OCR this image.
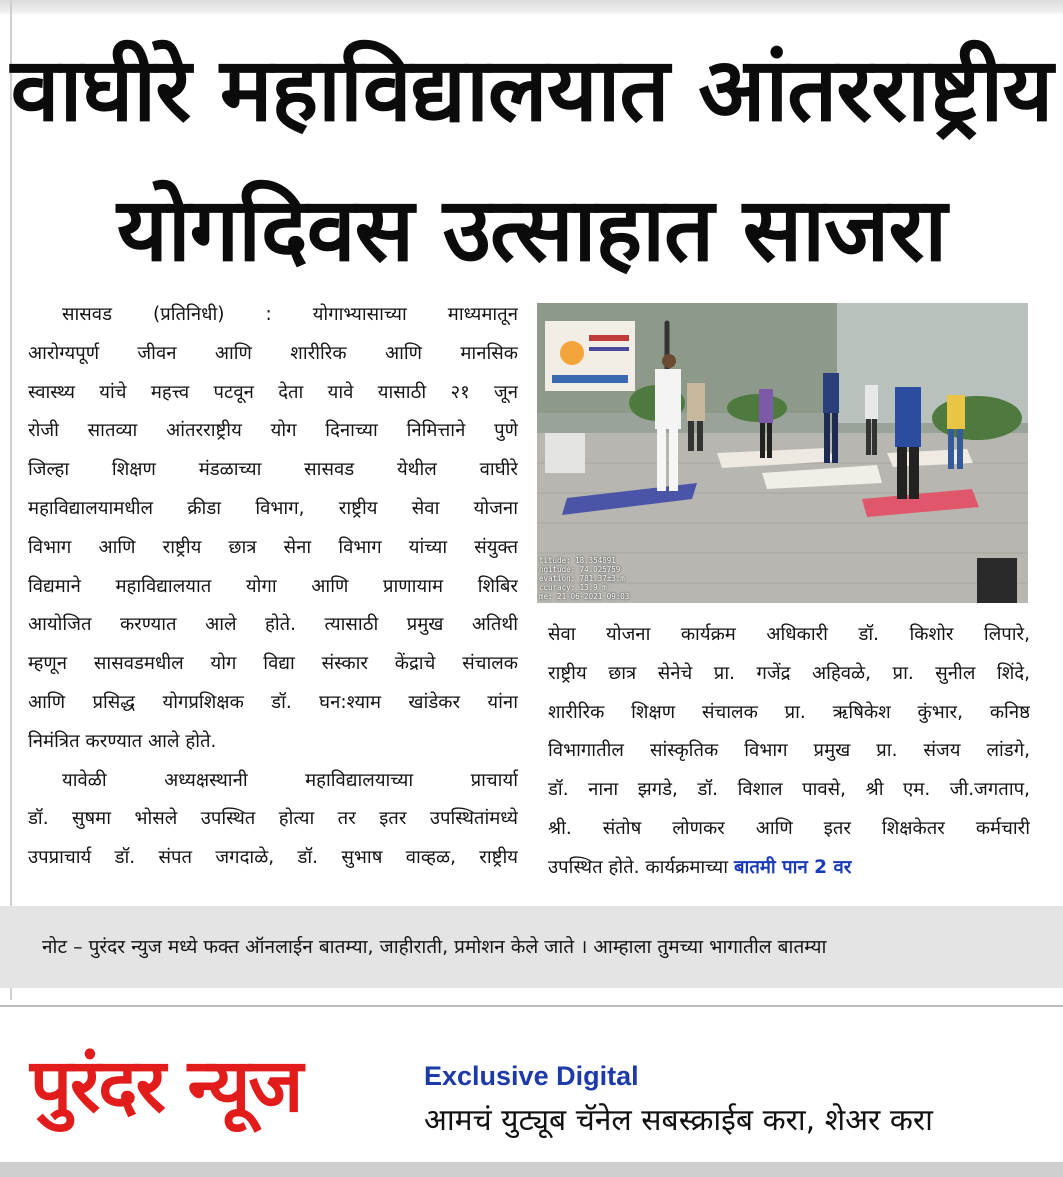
वाघीरे महाविद्यालयात आंतरराष्ट्रीय
योगदिवस उत्साहात साजरा
सासवड (प्रतिनिधी) : योगाभ्यासाच्या माध्यमातून
आरोग्यपूर्ण जीवन आणि शारीरिक आणि मानसिक
स्वास्थ्य यांचे महत्त्व पटवून देता यावे यासाठी २१ जून
रोजी सातव्या आंतरराष्ट्रीय योग दिनाच्या निमित्ताने पुणे
जिल्हा शिक्षण मंडळाच्या सासवड येथील वाघीरे
महाविद्यालयामधील क्रीडा विभाग, राष्ट्रीय सेवा योजना
विभाग आणि राष्ट्रीय छात्र सेना विभाग यांच्या संयुक्त
विद्यमाने महाविद्यालयात योगा आणि प्राणायाम शिबिर
आयोजित करण्यात आले होते. त्यासाठी प्रमुख अतिथी
म्हणून सासवडमधील योग विद्या संस्कार केंद्राचे संचालक
आणि प्रसिद्ध योगप्रशिक्षक डॉ. घन:श्याम खांडेकर यांना
निमंत्रित करण्यात आले होते.
यावेळी अध्यक्षस्थानी महाविद्यालयाच्या प्राचार्या
डॉ. सुषमा भोसले उपस्थित होत्या तर इतर उपस्थितांमध्ये
उपप्राचार्य डॉ. संपत जगदाळे, डॉ. सुभाष वाव्हळ, राष्ट्रीय
titude: 18.354891
ngitude: 74.025759
evation: 781.37±3.m
ccuracy: 13.9 m
me: 21-06-2021 09:03
सेवा योजना कार्यक्रम अधिकारी डॉ. किशोर लिपारे,
राष्ट्रीय छात्र सेनेचे प्रा. गजेंद्र अहिवळे, प्रा. सुनील शिंदे,
शारीरिक शिक्षण संचालक प्रा. ऋषिकेश कुंभार, कनिष्ठ
विभागातील सांस्कृतिक विभाग प्रमुख प्रा. संजय लांडगे,
डॉ. नाना झगडे, डॉ. विशाल पावसे, श्री एम. जी.जगताप,
श्री. संतोष लोणकर आणि इतर शिक्षकेतर कर्मचारी
उपस्थित होते. कार्यक्रमाच्या बातमी पान 2 वर
नोट – पुरंदर न्युज मध्ये फक्त ऑनलाईन बातम्या, जाहीराती, प्रमोशन केले जाते । आम्हाला तुमच्या भागातील बातम्या
पुरंदर न्यूज	Exclusive Digital
आमचं युट्यूब चॅनेल सबस्क्राईब करा, शेअर करा
